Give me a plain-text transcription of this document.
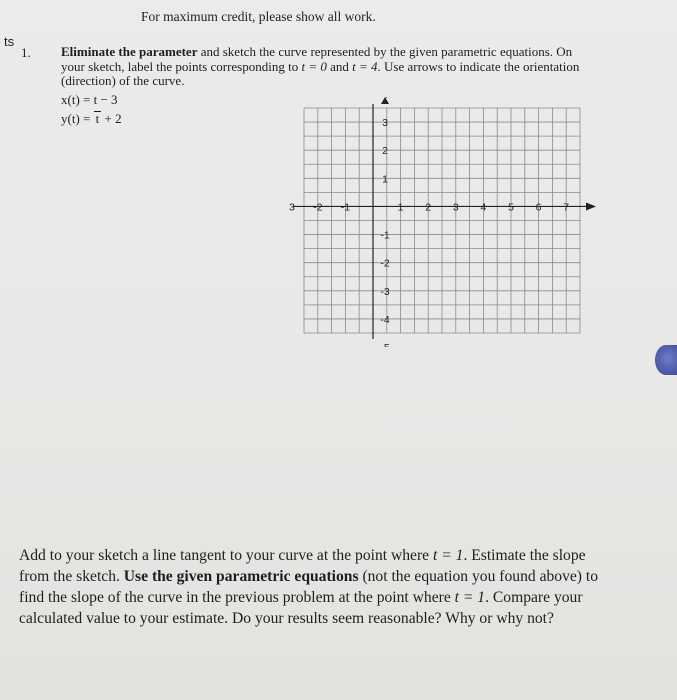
For maximum credit, please show all work.
ts
1. Eliminate the parameter and sketch the curve represented by the given parametric equations. On your sketch, label the points corresponding to t = 0 and t = 4. Use arrows to indicate the orientation (direction) of the curve.

x(t) = t − 3
y(t) = t + 2
3 -2 -1	1 2 3 4 5 6 7
3
2
1
-1
-2
-3
-4

Add to your sketch a line tangent to your curve at the point where t = 1. Estimate the slope from the sketch. Use the given parametric equations (not the equation you found above) to find the slope of the curve in the previous problem at the point where t = 1. Compare your calculated value to your estimate. Do your results seem reasonable? Why or why not?
